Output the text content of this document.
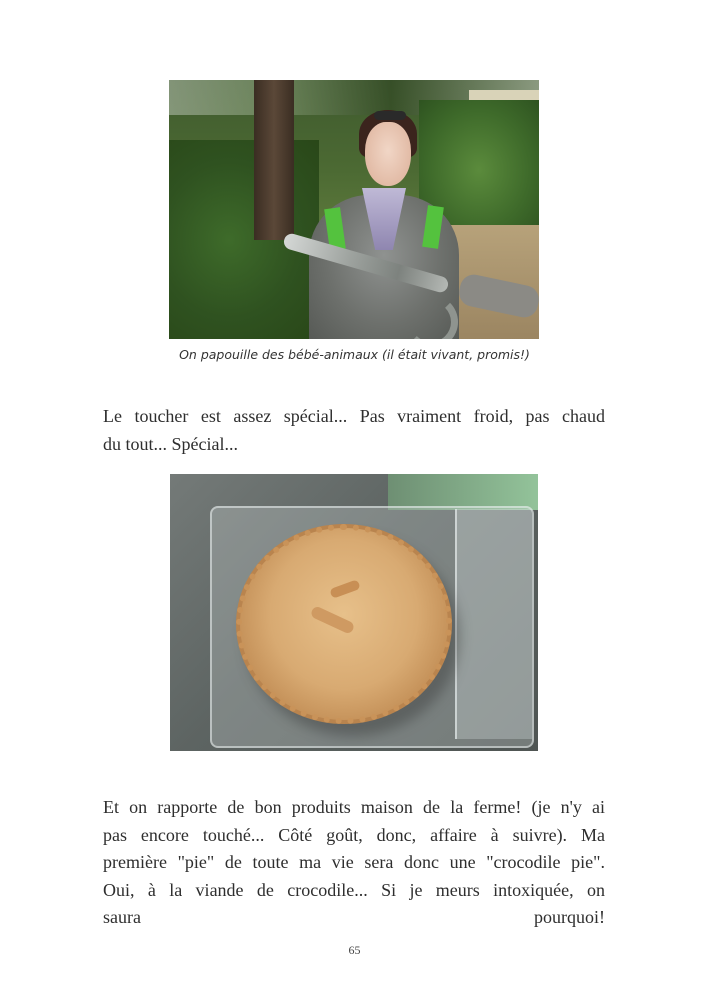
On papouille des bébé-animaux (il était vivant, promis!)
Le toucher est assez spécial... Pas vraiment froid, pas chaud
du tout... Spécial...
Et on rapporte de bon produits maison de la ferme! (je n'y ai
pas encore touché... Côté goût, donc, affaire à suivre). Ma
première "pie" de toute ma vie sera donc une "crocodile pie".
Oui, à la viande de crocodile... Si je meurs intoxiquée, on
saura pourquoi!
65
